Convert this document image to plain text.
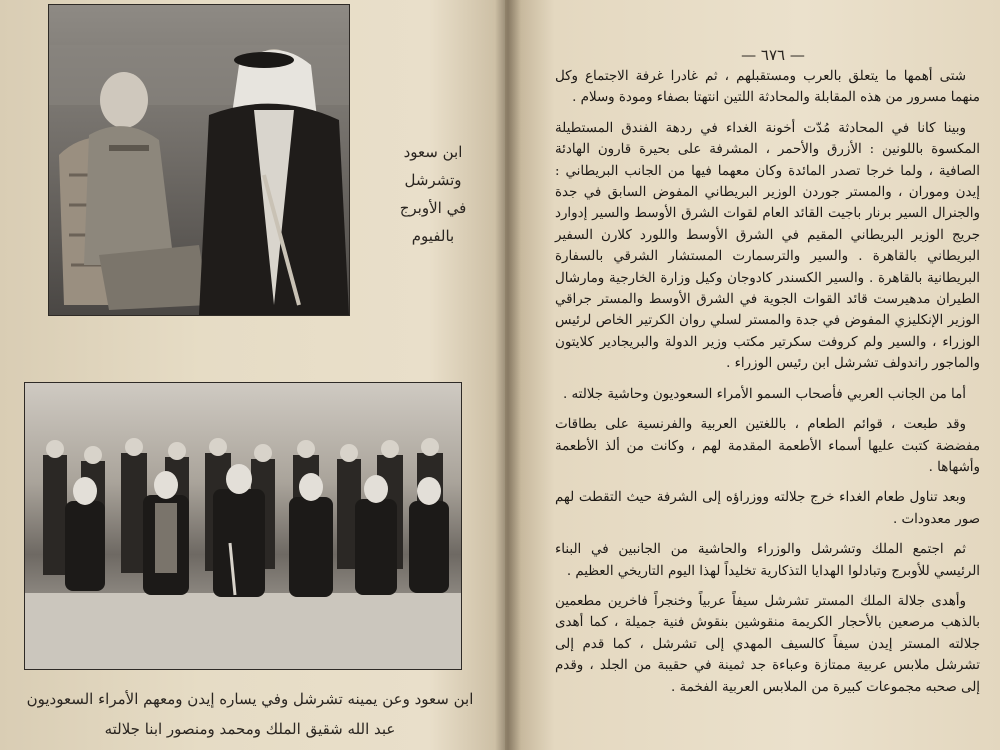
ابن سعود وتشرشل
في الأوبرج بالفيوم
ابن سعود وعن يمينه تشرشل وفي يساره إيدن ومعهم الأمراء السعوديون
عبد الله شقيق الملك ومحمد ومنصور ابنا جلالته
— ٦٧٦ —

شتى أهمها ما يتعلق بالعرب ومستقبلهم ، ثم غادرا غرفة الاجتماع وكل منهما مسرور من هذه المقابلة والمحادثة اللتين انتهتا بصفاء ومودة وسلام .

وبينا كانا في المحادثة مُدّت أخونة الغداء في ردهة الفندق المستطيلة المكسوة باللونين : الأزرق والأحمر ، المشرفة على بحيرة قارون الهادئة الصافية ، ولما خرجا تصدر المائدة وكان معهما فيها من الجانب البريطاني : إيدن وموران ، والمستر جوردن الوزير البريطاني المفوض السابق في جدة والجنرال السير برنار باجيت القائد العام لقوات الشرق الأوسط والسير إدوارد جريج الوزير البريطاني المقيم في الشرق الأوسط واللورد كلارن السفير البريطاني بالقاهرة . والسير والترسمارت المستشار الشرقي بالسفارة البريطانية بالقاهرة . والسير الكسندر كادوجان وكيل وزارة الخارجية ومارشال الطيران مدهيرست قائد القوات الجوية في الشرق الأوسط والمستر جراقي الوزير الإنكليزي المفوض في جدة والمستر لسلي روان الكرتير الخاص لرئيس الوزراء ، والسير ولم كروفت سكرتير مكتب وزير الدولة والبريجادير كلايتون والماجور راندولف تشرشل ابن رئيس الوزراء .

أما من الجانب العربي فأصحاب السمو الأمراء السعوديون وحاشية جلالته .

وقد طبعت ، قوائم الطعام ، باللغتين العربية والفرنسية على بطاقات مفضضة كتبت عليها أسماء الأطعمة المقدمة لهم ، وكانت من ألذ الأطعمة وأشهاها .

وبعد تناول طعام الغداء خرج جلالته ووزراؤه إلى الشرفة حيث التقطت لهم صور معدودات .

ثم اجتمع الملك وتشرشل والوزراء والحاشية من الجانبين في البناء الرئيسي للأوبرج وتبادلوا الهدايا التذكارية تخليداً لهذا اليوم التاريخي العظيم .

وأهدى جلالة الملك المستر تشرشل سيفاً عربياً وخنجراً فاخرين مطعمين بالذهب مرصعين بالأحجار الكريمة منقوشين بنقوش فنية جميلة ، كما أهدى جلالته المستر إيدن سيفاً كالسيف المهدي إلى تشرشل ، كما قدم إلى تشرشل ملابس عربية ممتازة وعباءة جد ثمينة في حقيبة من الجلد ، وقدم إلى صحبه مجموعات كبيرة من الملابس العربية الفخمة .
